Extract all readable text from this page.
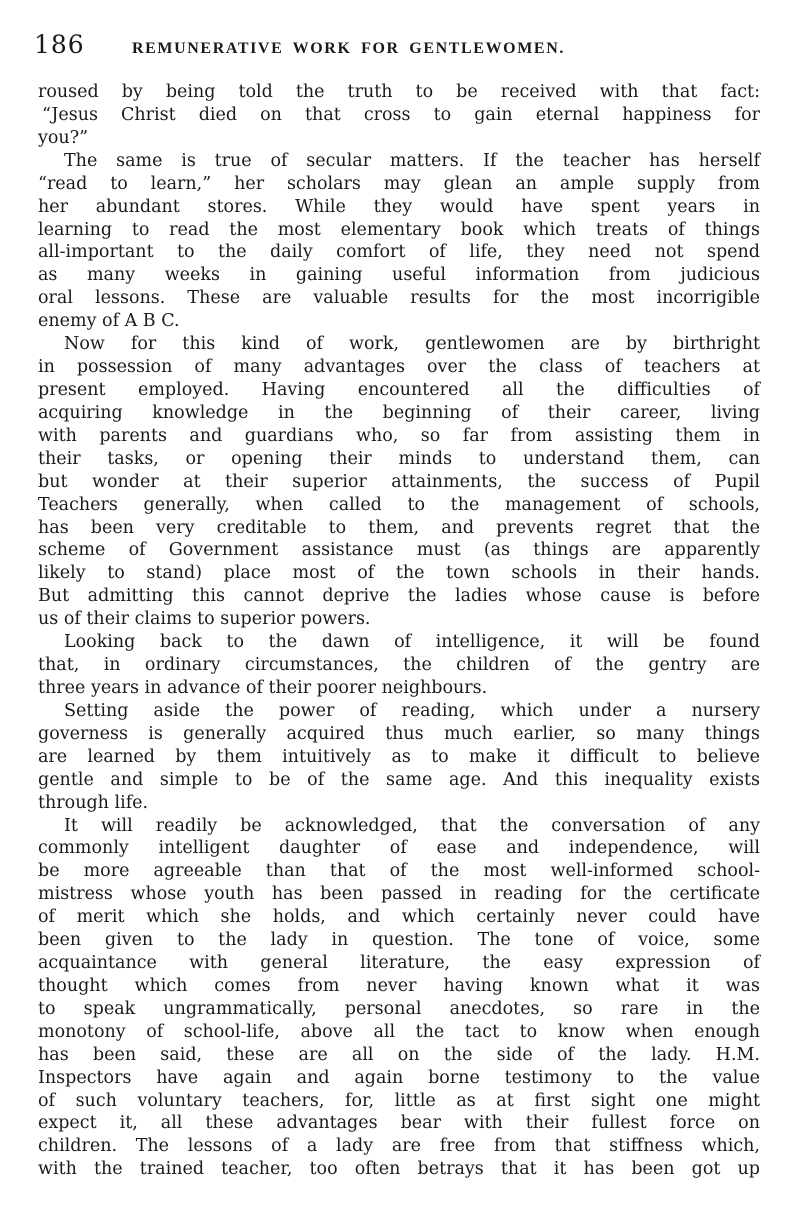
186	REMUNERATIVE WORK FOR GENTLEWOMEN.
roused by being told the truth to be received with that fact:
“Jesus Christ died on that cross to gain eternal happiness for
you?”
The same is true of secular matters. If the teacher has herself
“read to learn,” her scholars may glean an ample supply from
her abundant stores. While they would have spent years in
learning to read the most elementary book which treats of things
all-important to the daily comfort of life, they need not spend
as many weeks in gaining useful information from judicious
oral lessons. These are valuable results for the most incorrigible
enemy of A B C.
Now for this kind of work, gentlewomen are by birthright
in possession of many advantages over the class of teachers at
present employed. Having encountered all the difficulties of
acquiring knowledge in the beginning of their career, living
with parents and guardians who, so far from assisting them in
their tasks, or opening their minds to understand them, can
but wonder at their superior attainments, the success of Pupil
Teachers generally, when called to the management of schools,
has been very creditable to them, and prevents regret that the
scheme of Government assistance must (as things are apparently
likely to stand) place most of the town schools in their hands.
But admitting this cannot deprive the ladies whose cause is before
us of their claims to superior powers.
Looking back to the dawn of intelligence, it will be found
that, in ordinary circumstances, the children of the gentry are
three years in advance of their poorer neighbours.
Setting aside the power of reading, which under a nursery
governess is generally acquired thus much earlier, so many things
are learned by them intuitively as to make it difficult to believe
gentle and simple to be of the same age. And this inequality exists
through life.
It will readily be acknowledged, that the conversation of any
commonly intelligent daughter of ease and independence, will
be more agreeable than that of the most well-informed school-
mistress whose youth has been passed in reading for the certificate
of merit which she holds, and which certainly never could have
been given to the lady in question. The tone of voice, some
acquaintance with general literature, the easy expression of
thought which comes from never having known what it was
to speak ungrammatically, personal anecdotes, so rare in the
monotony of school-life, above all the tact to know when enough
has been said, these are all on the side of the lady. H.M.
Inspectors have again and again borne testimony to the value
of such voluntary teachers, for, little as at first sight one might
expect it, all these advantages bear with their fullest force on
children. The lessons of a lady are free from that stiffness which,
with the trained teacher, too often betrays that it has been got up
